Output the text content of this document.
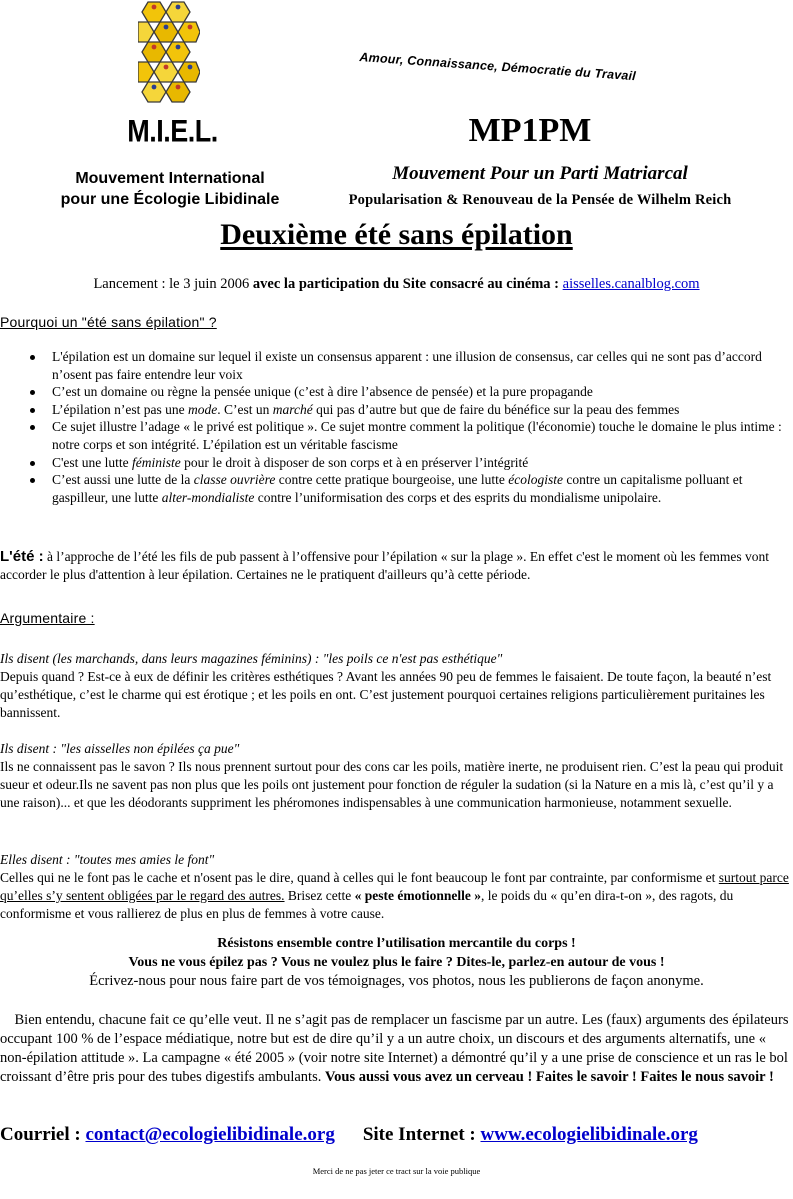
Amour, Connaissance, Démocratie du Travail
M.I.E.L.
Mouvement International
pour une Écologie Libidinale
MP1PM
Mouvement Pour un Parti Matriarcal
Popularisation & Renouveau de la Pensée de Wilhelm Reich
Deuxième été sans épilation
Lancement : le 3 juin 2006 avec la participation du Site consacré au cinéma : aisselles.canalblog.com
Pourquoi un "été sans épilation" ?
L'épilation est un domaine sur lequel il existe un consensus apparent : une illusion de consensus, car celles qui ne sont pas d’accord n’osent pas faire entendre leur voix
C’est un domaine ou règne la pensée unique (c’est à dire l’absence de pensée) et la pure propagande
L’épilation n’est pas une mode. C’est un marché qui pas d’autre but que de faire du bénéfice sur la peau des femmes
Ce sujet illustre l’adage « le privé est politique ». Ce sujet montre comment la politique (l'économie) touche le domaine le plus intime : notre corps et son intégrité. L’épilation est un véritable fascisme
C'est une lutte féministe pour le droit à disposer de son corps et à en préserver l’intégrité
C’est aussi une lutte de la classe ouvrière contre cette pratique bourgeoise, une lutte écologiste contre un capitalisme polluant et gaspilleur, une lutte alter-mondialiste contre l’uniformisation des corps et des esprits du mondialisme unipolaire.
L'été : à l’approche de l’été les fils de pub passent à l’offensive pour l’épilation « sur la plage ». En effet c'est le moment où les femmes vont accorder le plus d'attention à leur épilation. Certaines ne le pratiquent d'ailleurs qu’à cette période.
Argumentaire :
Ils disent (les marchands, dans leurs magazines féminins) : "les poils ce n'est pas esthétique"
Depuis quand ? Est-ce à eux de définir les critères esthétiques ? Avant les années 90 peu de femmes le faisaient. De toute façon, la beauté n’est qu’esthétique, c’est le charme qui est érotique ; et les poils en ont. C’est justement pourquoi certaines religions particulièrement puritaines les bannissent.
Ils disent : "les aisselles non épilées ça pue"
Ils ne connaissent pas le savon ? Ils nous prennent surtout pour des cons car les poils, matière inerte, ne produisent rien. C’est la peau qui produit sueur et odeur.Ils ne savent pas non plus que les poils ont justement pour fonction de réguler la sudation (si la Nature en a mis là, c’est qu’il y a une raison)... et que les déodorants suppriment les phéromones indispensables à une communication harmonieuse, notamment sexuelle.
Elles disent : "toutes mes amies le font"
Celles qui ne le font pas le cache et n'osent pas le dire, quand à celles qui le font beaucoup le font par contrainte, par conformisme et surtout parce qu’elles s’y sentent obligées par le regard des autres. Brisez cette « peste émotionnelle », le poids du « qu’en dira-t-on », des ragots, du conformisme et vous rallierez de plus en plus de femmes à votre cause.
Résistons ensemble contre l’utilisation mercantile du corps !
Vous ne vous épilez pas ? Vous ne voulez plus le faire ? Dites-le, parlez-en autour de vous !
Écrivez-nous pour nous faire part de vos témoignages, vos photos, nous les publierons de façon anonyme.
Bien entendu, chacune fait ce qu’elle veut. Il ne s’agit pas de remplacer un fascisme par un autre. Les (faux) arguments des épilateurs occupant 100 % de l’espace médiatique, notre but est de dire qu’il y a un autre choix, un discours et des arguments alternatifs, une « non-épilation attitude ». La campagne « été 2005 » (voir notre site Internet) a démontré qu’il y a une prise de conscience et un ras le bol croissant d’être pris pour des tubes digestifs ambulants. Vous aussi vous avez un cerveau ! Faites le savoir ! Faites le nous savoir !
Courriel : contact@ecologielibidinale.org Site Internet : www.ecologielibidinale.org
Merci de ne pas jeter ce tract sur la voie publique
